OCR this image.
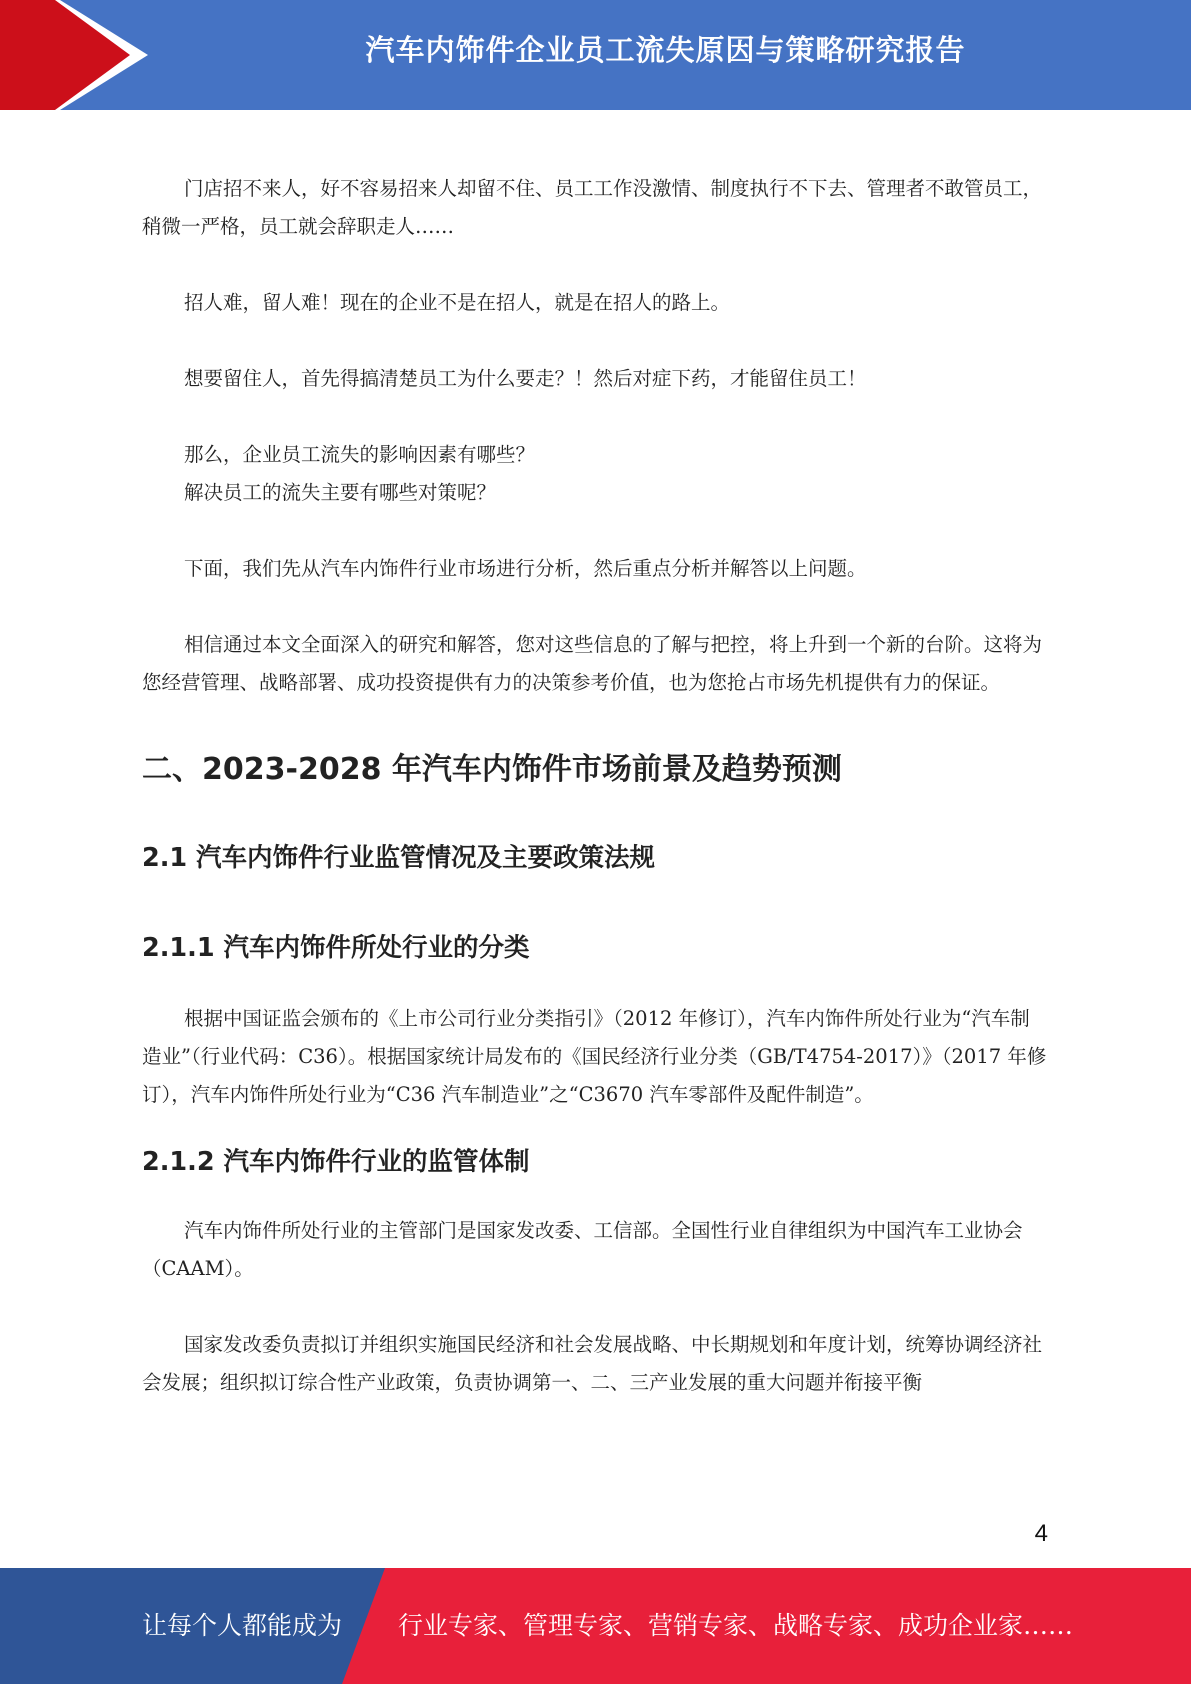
汽车内饰件企业员工流失原因与策略研究报告

门店招不来人，好不容易招来人却留不住、员工工作没激情、制度执行不下去、管理者不敢管员工，稍微一严格，员工就会辞职走人……

招人难，留人难！现在的企业不是在招人，就是在招人的路上。

想要留住人，首先得搞清楚员工为什么要走？！然后对症下药，才能留住员工！

那么，企业员工流失的影响因素有哪些？

解决员工的流失主要有哪些对策呢？

下面，我们先从汽车内饰件行业市场进行分析，然后重点分析并解答以上问题。

相信通过本文全面深入的研究和解答，您对这些信息的了解与把控，将上升到一个新的台阶。这将为您经营管理、战略部署、成功投资提供有力的决策参考价值，也为您抢占市场先机提供有力的保证。

二、2023-2028 年汽车内饰件市场前景及趋势预测
2.1 汽车内饰件行业监管情况及主要政策法规
2.1.1 汽车内饰件所处行业的分类

根据中国证监会颁布的《上市公司行业分类指引》（2012 年修订），汽车内饰件所处行业为“汽车制造业”（行业代码：C36）。根据国家统计局发布的《国民经济行业分类（GB/T4754-2017）》（2017 年修订），汽车内饰件所处行业为“C36 汽车制造业”之“C3670 汽车零部件及配件制造”。

2.1.2 汽车内饰件行业的监管体制

汽车内饰件所处行业的主管部门是国家发改委、工信部。全国性行业自律组织为中国汽车工业协会（CAAM）。

国家发改委负责拟订并组织实施国民经济和社会发展战略、中长期规划和年度计划，统筹协调经济社会发展；组织拟订综合性产业政策，负责协调第一、二、三产业发展的重大问题并衔接平衡

4
让每个人都能成为 行业专家、管理专家、营销专家、战略专家、成功企业家……
